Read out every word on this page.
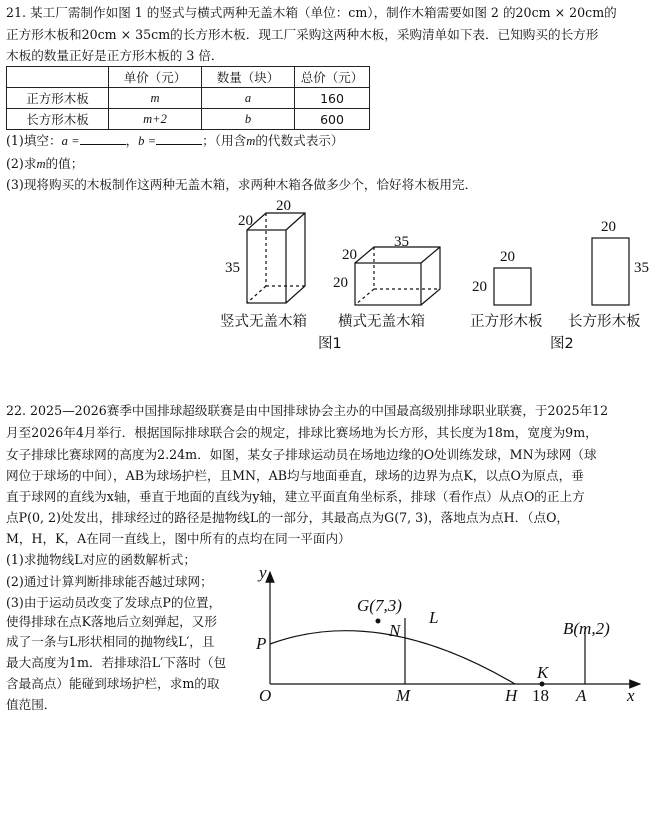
21. 某工厂需制作如图 1 的竖式与横式两种无盖木箱（单位：cm），制作木箱需要如图 2 的20cm × 20cm的
正方形木板和20cm × 35cm的长方形木板．现工厂采购这两种木板，采购清单如下表．已知购买的长方形
木板的数量正好是正方形木板的 3 倍．
	单价（元）	数量（块）	总价（元）
正方形木板	m	a	160
长方形木板	m+2	b	600
(1)填空：a =	，b =	；（用含m的代数式表示）
(2)求m的值；
(3)现将购买的木板制作这两种无盖木箱，求两种木箱各做多少个，恰好将木板用完．
20
20
35
35
20
20
20
20
20
35
竖式无盖木箱 横式无盖木箱	正方形木板 长方形木板
图1	图2
22. 2025—2026赛季中国排球超级联赛是由中国排球协会主办的中国最高级别排球职业联赛，于2025年12
月至2026年4月举行．根据国际排球联合会的规定，排球比赛场地为长方形，其长度为18m，宽度为9m，
女子排球比赛球网的高度为2.24m．如图，某女子排球运动员在场地边缘的O处训练发球，MN为球网（球
网位于球场的中间），AB为球场护栏，且MN，AB均与地面垂直，球场的边界为点K，以点O为原点，垂
直于球网的直线为x轴，垂直于地面的直线为y轴，建立平面直角坐标系，排球（看作点）从点O的正上方
点P(0, 2)处发出，排球经过的路径是抛物线L的一部分，其最高点为G(7, 3)，落地点为点H．（点O，
M，H，K，A在同一直线上，图中所有的点均在同一平面内）
(1)求抛物线L对应的函数解析式；
(2)通过计算判断排球能否越过球网；
(3)由于运动员改变了发球点P的位置，
使得排球在点K落地后立刻弹起，又形
成了一条与L形状相同的抛物线L′，且
最大高度为1m．若排球沿L′下落时（包
含最高点）能碰到球场护栏，求m的取
值范围．
y
x
O
P
G(7,3)
N
L
M	H
K
18 A
B(m,2)
